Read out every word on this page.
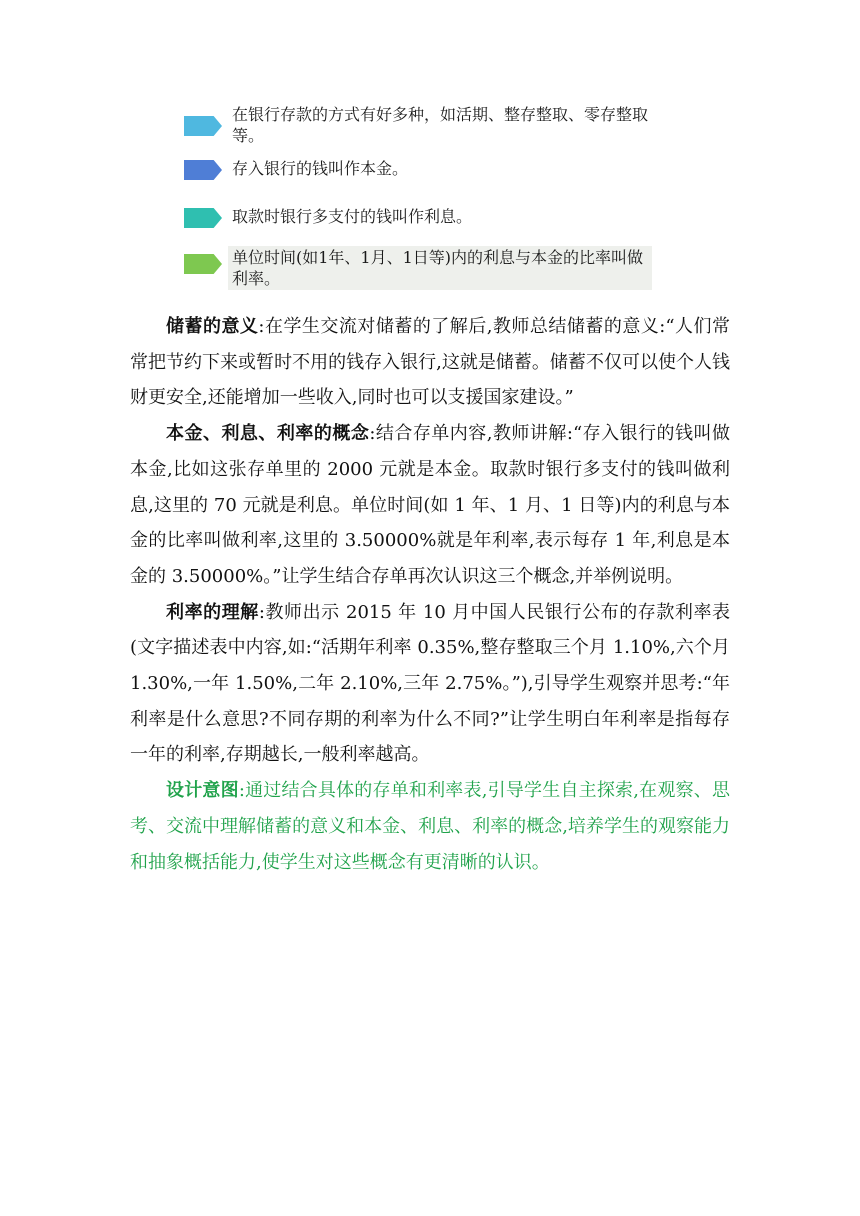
在银行存款的方式有好多种，如活期、整存整取、零存整取等。
存入银行的钱叫作本金。
取款时银行多支付的钱叫作利息。
单位时间(如1年、1月、1日等)内的利息与本金的比率叫做利率。

储蓄的意义:在学生交流对储蓄的了解后,教师总结储蓄的意义:“人们常常把节约下来或暂时不用的钱存入银行,这就是储蓄。储蓄不仅可以使个人钱财更安全,还能增加一些收入,同时也可以支援国家建设。”

本金、利息、利率的概念:结合存单内容,教师讲解:“存入银行的钱叫做本金,比如这张存单里的 2000 元就是本金。取款时银行多支付的钱叫做利息,这里的 70 元就是利息。单位时间(如 1 年、1 月、1 日等)内的利息与本金的比率叫做利率,这里的 3.50000%就是年利率,表示每存 1 年,利息是本金的 3.50000%。”让学生结合存单再次认识这三个概念,并举例说明。

利率的理解:教师出示 2015 年 10 月中国人民银行公布的存款利率表(文字描述表中内容,如:“活期年利率 0.35%,整存整取三个月 1.10%,六个月 1.30%,一年 1.50%,二年 2.10%,三年 2.75%。”),引导学生观察并思考:“年利率是什么意思?不同存期的利率为什么不同?”让学生明白年利率是指每存一年的利率,存期越长,一般利率越高。

设计意图:通过结合具体的存单和利率表,引导学生自主探索,在观察、思考、交流中理解储蓄的意义和本金、利息、利率的概念,培养学生的观察能力和抽象概括能力,使学生对这些概念有更清晰的认识。
